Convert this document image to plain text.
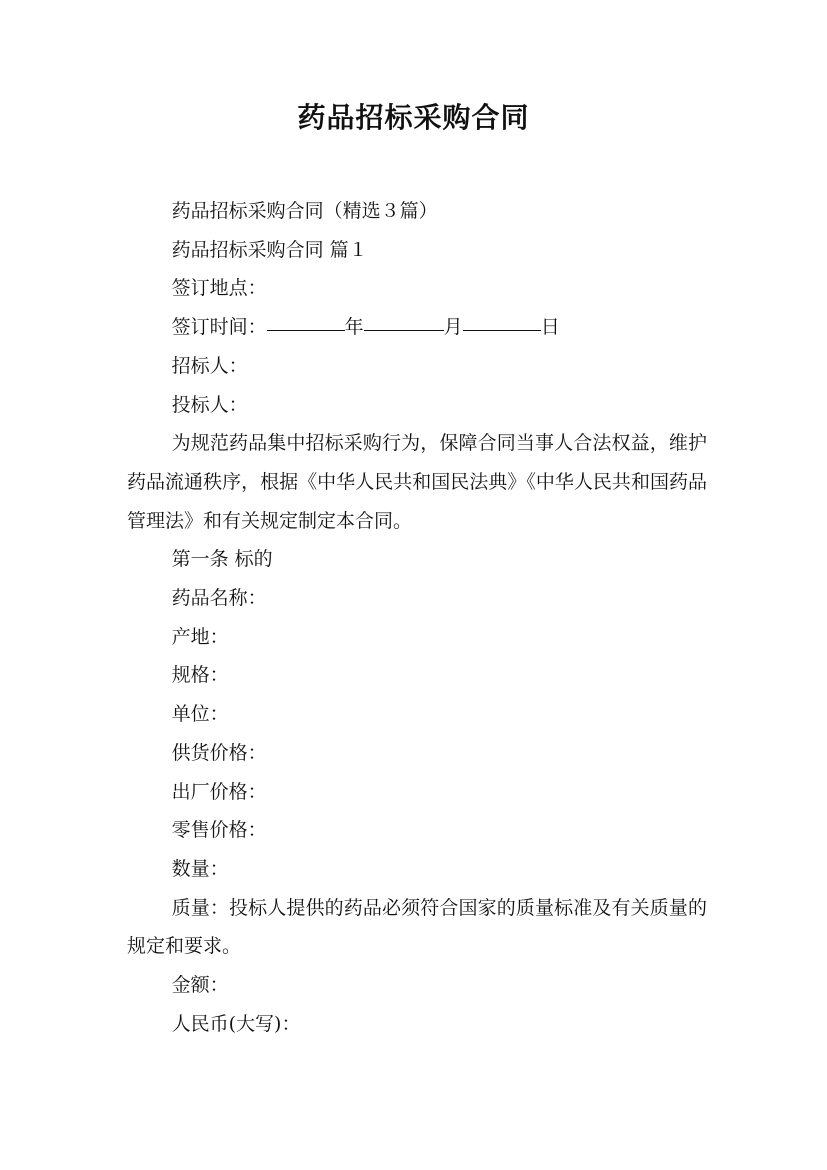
药品招标采购合同

药品招标采购合同（精选３篇）

药品招标采购合同 篇１

签订地点：

签订时间：	年	月	日

招标人：

投标人：

为规范药品集中招标采购行为，保障合同当事人合法权益，维护药品流通秩序，根据《中华人民共和国民法典》《中华人民共和国药品管理法》和有关规定制定本合同。

第一条 标的

药品名称：

产地：

规格：

单位：

供货价格：

出厂价格：

零售价格：

数量：

质量：投标人提供的药品必须符合国家的质量标准及有关质量的规定和要求。

金额：

人民币(大写)：
